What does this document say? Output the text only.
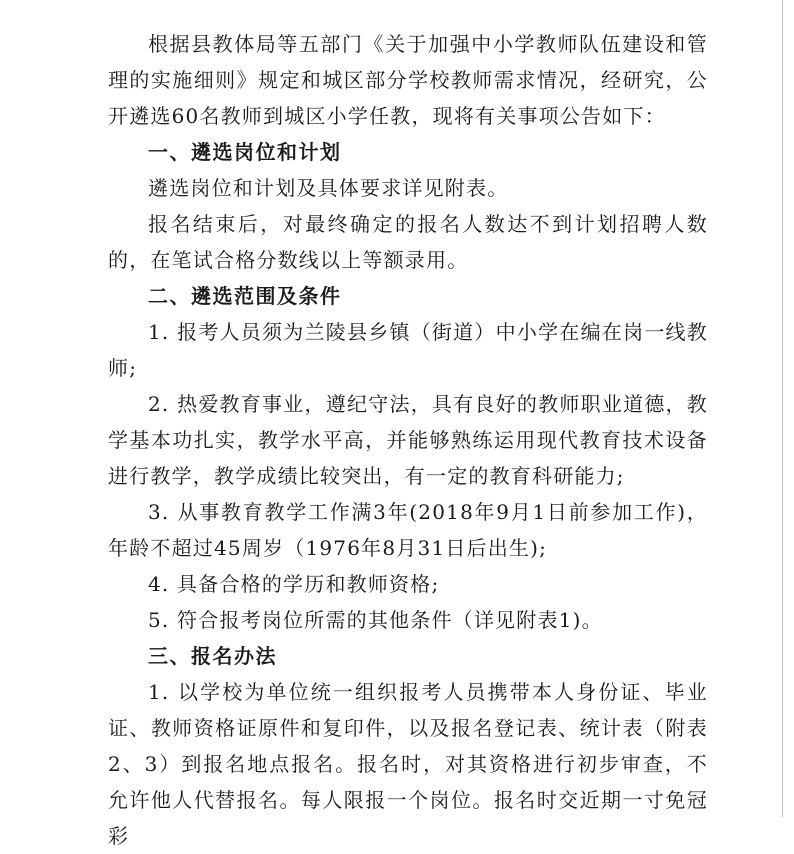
根据县教体局等五部门《关于加强中小学教师队伍建设和管理的实施细则》规定和城区部分学校教师需求情况，经研究，公开遴选60名教师到城区小学任教，现将有关事项公告如下：

一、遴选岗位和计划

遴选岗位和计划及具体要求详见附表。

报名结束后，对最终确定的报名人数达不到计划招聘人数的，在笔试合格分数线以上等额录用。

二、遴选范围及条件

1. 报考人员须为兰陵县乡镇（街道）中小学在编在岗一线教师;

2. 热爱教育事业，遵纪守法，具有良好的教师职业道德，教学基本功扎实，教学水平高，并能够熟练运用现代教育技术设备进行教学，教学成绩比较突出，有一定的教育科研能力;

3. 从事教育教学工作满3年(2018年9月1日前参加工作)，年龄不超过45周岁（1976年8月31日后出生);

4. 具备合格的学历和教师资格;

5. 符合报考岗位所需的其他条件（详见附表1)。

三、报名办法

1. 以学校为单位统一组织报考人员携带本人身份证、毕业证、教师资格证原件和复印件，以及报名登记表、统计表（附表2、3）到报名地点报名。报名时，对其资格进行初步审查，不允许他人代替报名。每人限报一个岗位。报名时交近期一寸免冠彩
